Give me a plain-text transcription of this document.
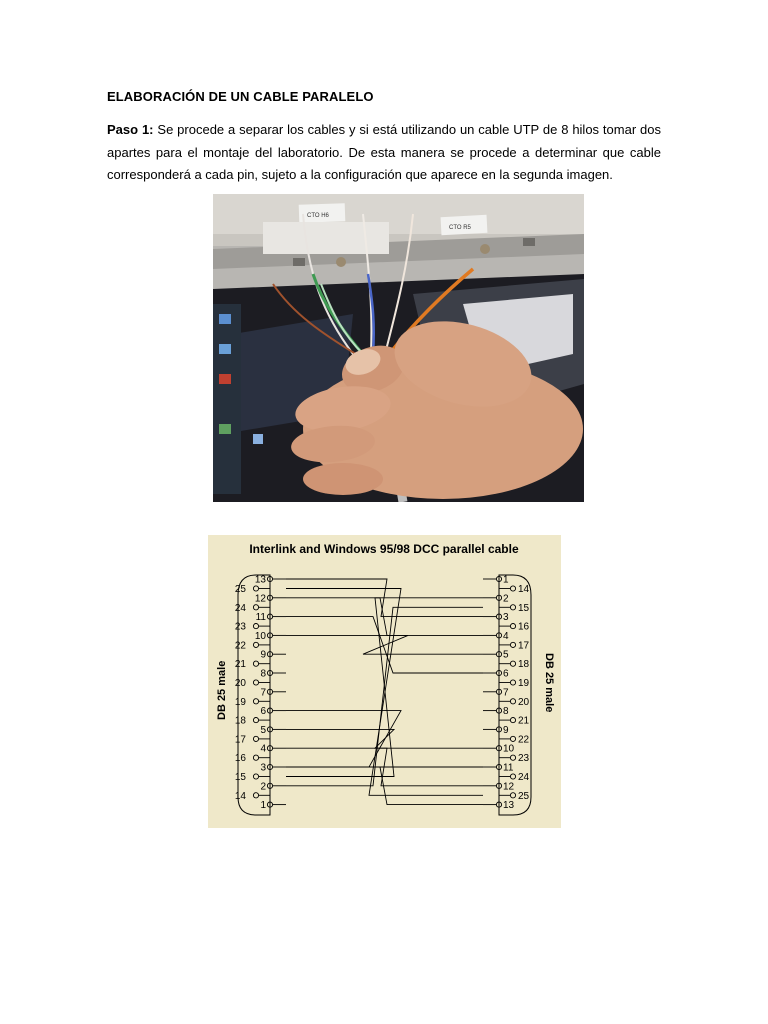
ELABORACIÓN DE UN CABLE PARALELO

Paso 1: Se procede a separar los cables y si está utilizando un cable UTP de 8 hilos tomar dos apartes para el montaje del laboratorio. De esta manera se procede a determinar que cable corresponderá a cada pin, sujeto a la configuración que aparece en la segunda imagen.

CTO H6
CTO R5
Interlink and Windows 95/98 DCC parallel cable
DB 25 male	DB 25 male
13
12
11
10
9
8
7
6
5
4
3
2
1
25
24
23
22
21
20
19
18
17
16
15
14
1
2
3
4
5
6
7
8
9
10
11
12
13
14
15
16
17
18
19
20
21
22
23
24
25
